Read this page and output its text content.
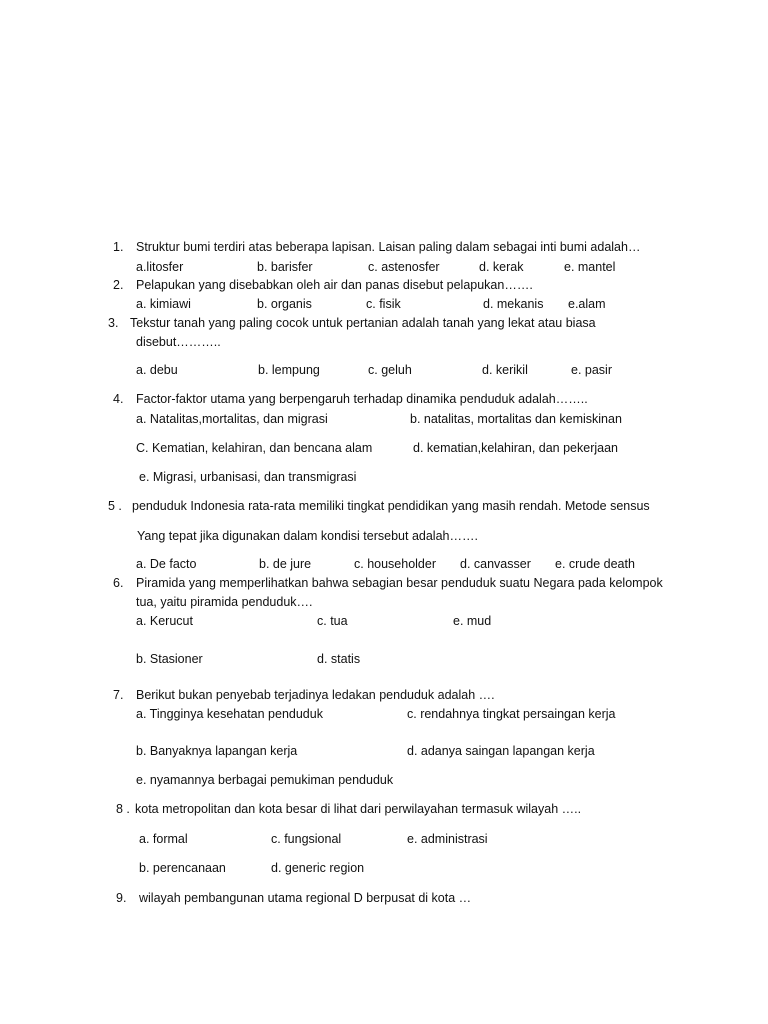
1. Struktur bumi terdiri atas beberapa lapisan. Laisan paling dalam sebagai inti bumi adalah…
a.litosfer	b. barisfer	c. astenosfer	d. kerak	e. mantel
2. Pelapukan yang disebabkan oleh air dan panas disebut pelapukan…….
a. kimiawi	b. organis	c. fisik	d. mekanis e.alam
3. Tekstur tanah yang paling cocok untuk pertanian adalah tanah yang lekat atau biasa
disebut………..
a. debu	b. lempung	c. geluh	d. kerikil	e. pasir
4. Factor-faktor utama yang berpengaruh terhadap dinamika penduduk adalah……..
a. Natalitas,mortalitas, dan migrasi	b. natalitas, mortalitas dan kemiskinan
C. Kematian, kelahiran, dan bencana alam	d. kematian,kelahiran, dan pekerjaan
e. Migrasi, urbanisasi, dan transmigrasi
5 . penduduk Indonesia rata-rata memiliki tingkat pendidikan yang masih rendah. Metode sensus
Yang tepat jika digunakan dalam kondisi tersebut adalah…….
a. De facto	b. de jure	c. householder d. canvasser e. crude death
6. Piramida yang memperlihatkan bahwa sebagian besar penduduk suatu Negara pada kelompok
tua, yaitu piramida penduduk….
a. Kerucut	c. tua	e. mud
b. Stasioner	d. statis
7. Berikut bukan penyebab terjadinya ledakan penduduk adalah ….
a. Tingginya kesehatan penduduk	c. rendahnya tingkat persaingan kerja
b. Banyaknya lapangan kerja	d. adanya saingan lapangan kerja
e. nyamannya berbagai pemukiman penduduk
8 . kota metropolitan dan kota besar di lihat dari perwilayahan termasuk wilayah …..
a. formal	c. fungsional	e. administrasi
b. perencanaan	d. generic region
9. wilayah pembangunan utama regional D berpusat di kota …
